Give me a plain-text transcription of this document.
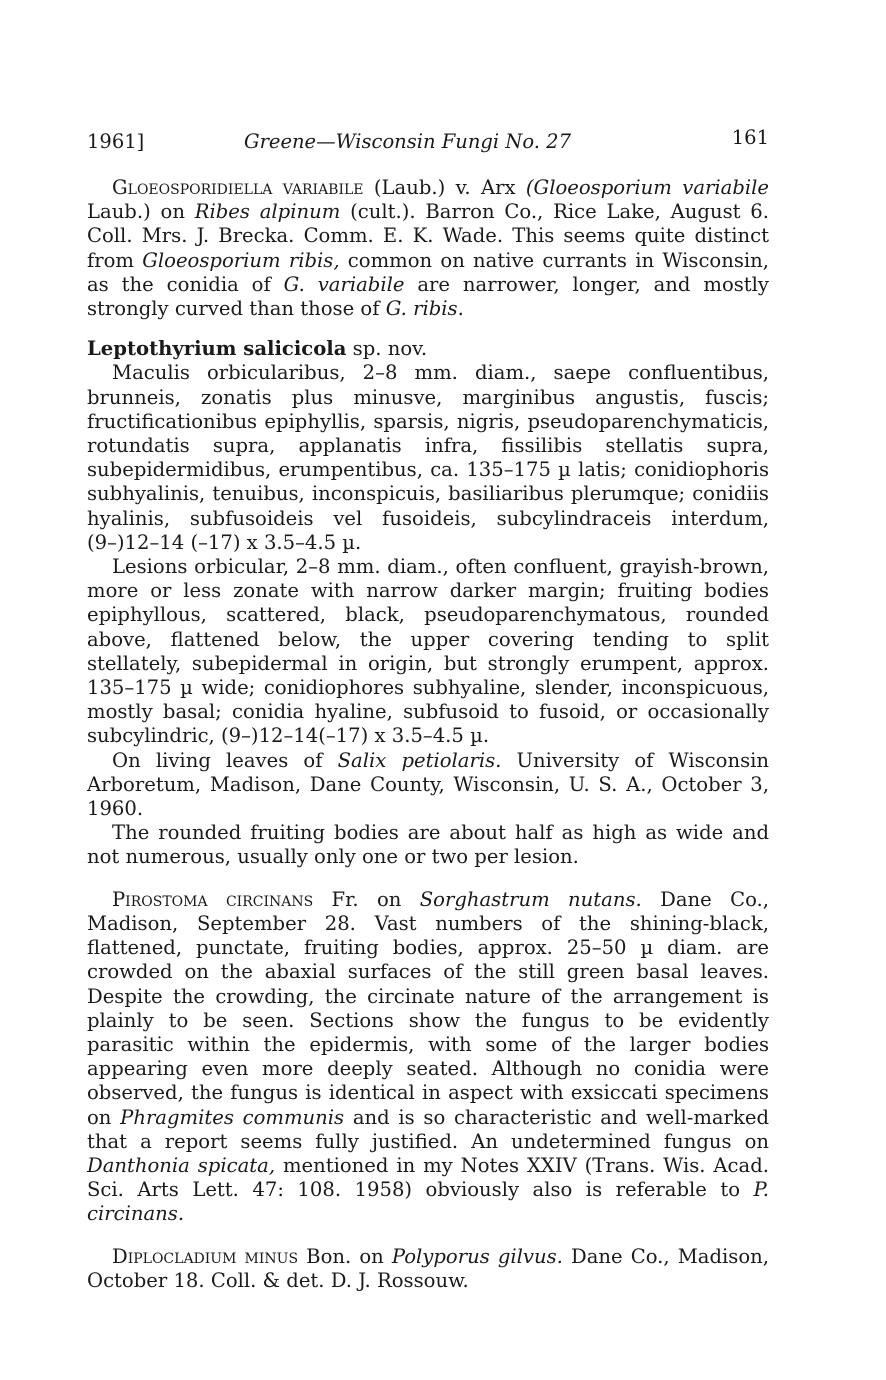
1961]	Greene—Wisconsin Fungi No. 27	161

Gloeosporidiella variabile (Laub.) v. Arx (Gloeosporium variabile Laub.) on Ribes alpinum (cult.). Barron Co., Rice Lake, August 6. Coll. Mrs. J. Brecka. Comm. E. K. Wade. This seems quite distinct from Gloeosporium ribis, common on native currants in Wisconsin, as the conidia of G. variabile are narrower, longer, and mostly strongly curved than those of G. ribis.

Leptothyrium salicicola sp. nov.

Maculis orbicularibus, 2–8 mm. diam., saepe confluentibus, brunneis, zonatis plus minusve, marginibus angustis, fuscis; fructificationibus epiphyllis, sparsis, nigris, pseudoparenchymaticis, rotundatis supra, applanatis infra, fissilibis stellatis supra, subepidermidibus, erumpentibus, ca. 135–175 µ latis; conidiophoris subhyalinis, tenuibus, inconspicuis, basiliaribus plerumque; conidiis hyalinis, subfusoideis vel fusoideis, subcylindraceis interdum, (9–)12–14 (–17) x 3.5–4.5 µ.

Lesions orbicular, 2–8 mm. diam., often confluent, grayish-brown, more or less zonate with narrow darker margin; fruiting bodies epiphyllous, scattered, black, pseudoparenchymatous, rounded above, flattened below, the upper covering tending to split stellately, subepidermal in origin, but strongly erumpent, approx. 135–175 µ wide; conidiophores subhyaline, slender, inconspicuous, mostly basal; conidia hyaline, subfusoid to fusoid, or occasionally subcylindric, (9–)12–14(–17) x 3.5–4.5 µ.

On living leaves of Salix petiolaris. University of Wisconsin Arboretum, Madison, Dane County, Wisconsin, U. S. A., October 3, 1960.

The rounded fruiting bodies are about half as high as wide and not numerous, usually only one or two per lesion.

Pirostoma circinans Fr. on Sorghastrum nutans. Dane Co., Madison, September 28. Vast numbers of the shining-black, flattened, punctate, fruiting bodies, approx. 25–50 µ diam. are crowded on the abaxial surfaces of the still green basal leaves. Despite the crowding, the circinate nature of the arrangement is plainly to be seen. Sections show the fungus to be evidently parasitic within the epidermis, with some of the larger bodies appearing even more deeply seated. Although no conidia were observed, the fungus is identical in aspect with exsiccati specimens on Phragmites communis and is so characteristic and well-marked that a report seems fully justified. An undetermined fungus on Danthonia spicata, mentioned in my Notes XXIV (Trans. Wis. Acad. Sci. Arts Lett. 47: 108. 1958) obviously also is referable to P. circinans.

Diplocladium minus Bon. on Polyporus gilvus. Dane Co., Madison, October 18. Coll. & det. D. J. Rossouw.
